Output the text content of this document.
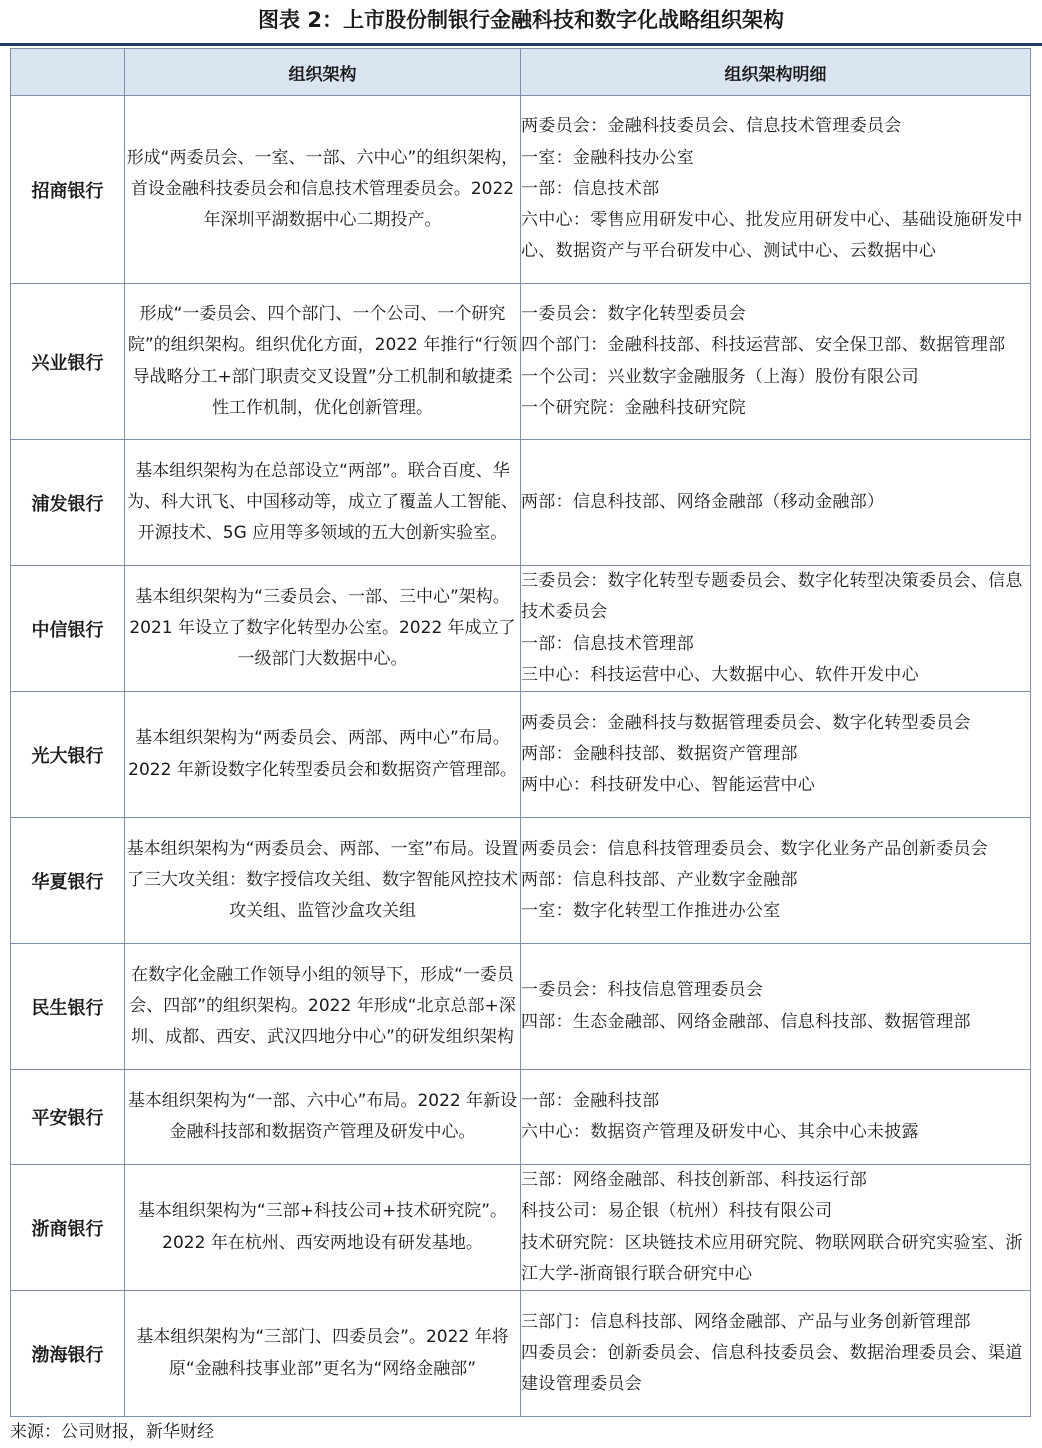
图表 2：上市股份制银行金融科技和数字化战略组织架构
	组织架构	组织架构明细
招商银行	形成“两委员会、一室、一部、六中心”的组织架构，首设金融科技委员会和信息技术管理委员会。2022 年深圳平湖数据中心二期投产。	两委员会：金融科技委员会、信息技术管理委员会
一室：金融科技办公室
一部：信息技术部
六中心：零售应用研发中心、批发应用研发中心、基础设施研发中心、数据资产与平台研发中心、测试中心、云数据中心

兴业银行	形成“一委员会、四个部门、一个公司、一个研究院”的组织架构。组织优化方面，2022 年推行“行领导战略分工+部门职责交叉设置”分工机制和敏捷柔性工作机制，优化创新管理。	一委员会：数字化转型委员会
四个部门：金融科技部、科技运营部、安全保卫部、数据管理部
一个公司：兴业数字金融服务（上海）股份有限公司
一个研究院：金融科技研究院

浦发银行	基本组织架构为在总部设立“两部”。联合百度、华为、科大讯飞、中国移动等，成立了覆盖人工智能、开源技术、5G 应用等多领域的五大创新实验室。	两部：信息科技部、网络金融部（移动金融部）

中信银行	基本组织架构为“三委员会、一部、三中心”架构。2021 年设立了数字化转型办公室。2022 年成立了一级部门大数据中心。	三委员会：数字化转型专题委员会、数字化转型决策委员会、信息技术委员会
一部：信息技术管理部
三中心：科技运营中心、大数据中心、软件开发中心

光大银行	基本组织架构为“两委员会、两部、两中心”布局。2022 年新设数字化转型委员会和数据资产管理部。	两委员会：金融科技与数据管理委员会、数字化转型委员会
两部：金融科技部、数据资产管理部
两中心：科技研发中心、智能运营中心

华夏银行	基本组织架构为“两委员会、两部、一室”布局。设置了三大攻关组：数字授信攻关组、数字智能风控技术攻关组、监管沙盒攻关组	两委员会：信息科技管理委员会、数字化业务产品创新委员会
两部：信息科技部、产业数字金融部
一室：数字化转型工作推进办公室

民生银行	在数字化金融工作领导小组的领导下，形成“一委员会、四部”的组织架构。2022 年形成“北京总部+深圳、成都、西安、武汉四地分中心”的研发组织架构	一委员会：科技信息管理委员会
四部：生态金融部、网络金融部、信息科技部、数据管理部

平安银行	基本组织架构为“一部、六中心”布局。2022 年新设金融科技部和数据资产管理及研发中心。	一部：金融科技部
六中心：数据资产管理及研发中心、其余中心未披露

浙商银行	基本组织架构为“三部+科技公司+技术研究院”。2022 年在杭州、西安两地设有研发基地。	三部：网络金融部、科技创新部、科技运行部
科技公司：易企银（杭州）科技有限公司
技术研究院：区块链技术应用研究院、物联网联合研究实验室、浙江大学-浙商银行联合研究中心

渤海银行	基本组织架构为“三部门、四委员会”。2022 年将原“金融科技事业部”更名为“网络金融部”	三部门：信息科技部、网络金融部、产品与业务创新管理部
四委员会：创新委员会、信息科技委员会、数据治理委员会、渠道建设管理委员会
来源：公司财报，新华财经
